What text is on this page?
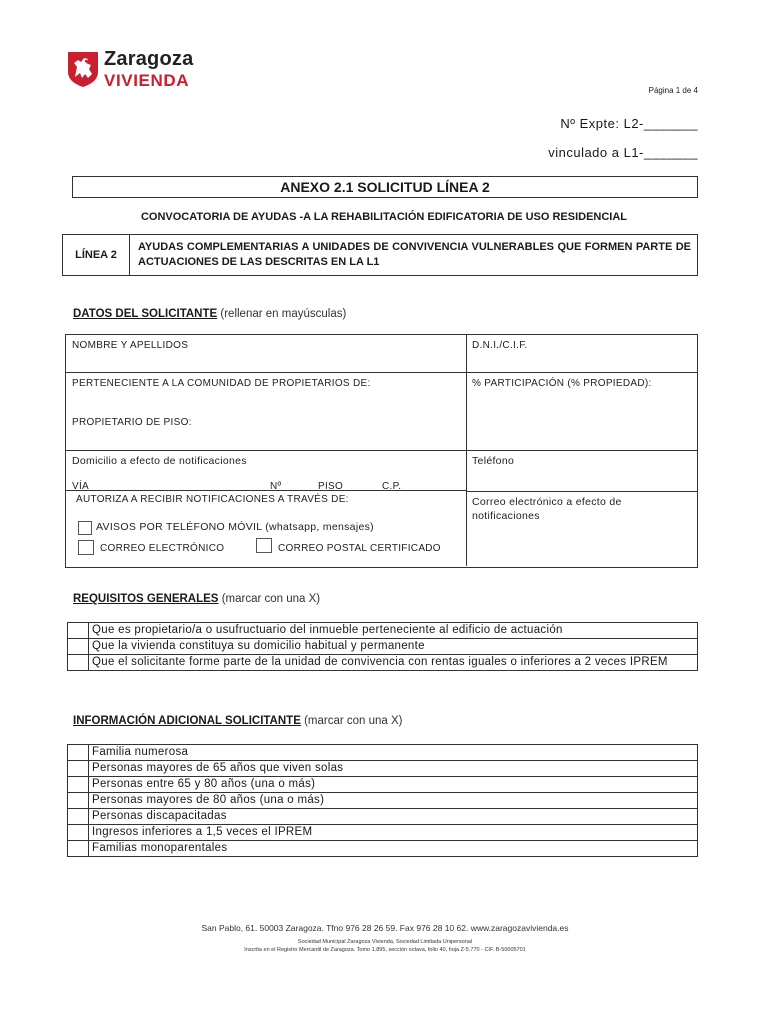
Zaragoza
VIVIENDA
Página 1 de 4
Nº Expte: L2-_______
vinculado a L1-_______
ANEXO 2.1 SOLICITUD LÍNEA 2
CONVOCATORIA DE AYUDAS -A LA REHABILITACIÓN EDIFICATORIA DE USO RESIDENCIAL
LÍNEA 2
AYUDAS COMPLEMENTARIAS A UNIDADES DE CONVIVENCIA VULNERABLES QUE FORMEN PARTE DE ACTUACIONES DE LAS DESCRITAS EN LA L1
DATOS DEL SOLICITANTE (rellenar en mayúsculas)
NOMBRE Y APELLIDOS	D.N.I./C.I.F.
PERTENECIENTE A LA COMUNIDAD DE PROPIETARIOS DE:	% PARTICIPACIÓN (% PROPIEDAD):
PROPIETARIO DE PISO:
Domicilio a efecto de notificaciones	Teléfono
VÍA	Nº	PISO	C.P.
AUTORIZA A RECIBIR NOTIFICACIONES A TRAVÉS DE:	Correo electrónico a efecto de
notificaciones
AVISOS POR TELÉFONO MÓVIL (whatsapp, mensajes)
CORREO ELECTRÓNICO	CORREO POSTAL CERTIFICADO
REQUISITOS GENERALES (marcar con una X)
Que es propietario/a o usufructuario del inmueble perteneciente al edificio de actuación
Que la vivienda constituya su domicilio habitual y permanente
Que el solicitante forme parte de la unidad de convivencia con rentas iguales o inferiores a 2 veces IPREM
INFORMACIÓN ADICIONAL SOLICITANTE (marcar con una X)
Familia numerosa
Personas mayores de 65 años que viven solas
Personas entre 65 y 80 años (una o más)
Personas mayores de 80 años (una o más)
Personas discapacitadas
Ingresos inferiores a 1,5 veces el IPREM
Familias monoparentales
San Pablo, 61. 50003 Zaragoza. Tfno 976 28 26 59. Fax 976 28 10 62. www.zaragozavivienda.es
Sociedad Municipal Zaragoza Vivienda, Sociedad Limitada Unipersonal
Inscrita en el Registro Mercantil de Zaragoza. Tomo 1.895, sección octava, folio 40, hoja Z-5.770 - CIF. B-50005701
